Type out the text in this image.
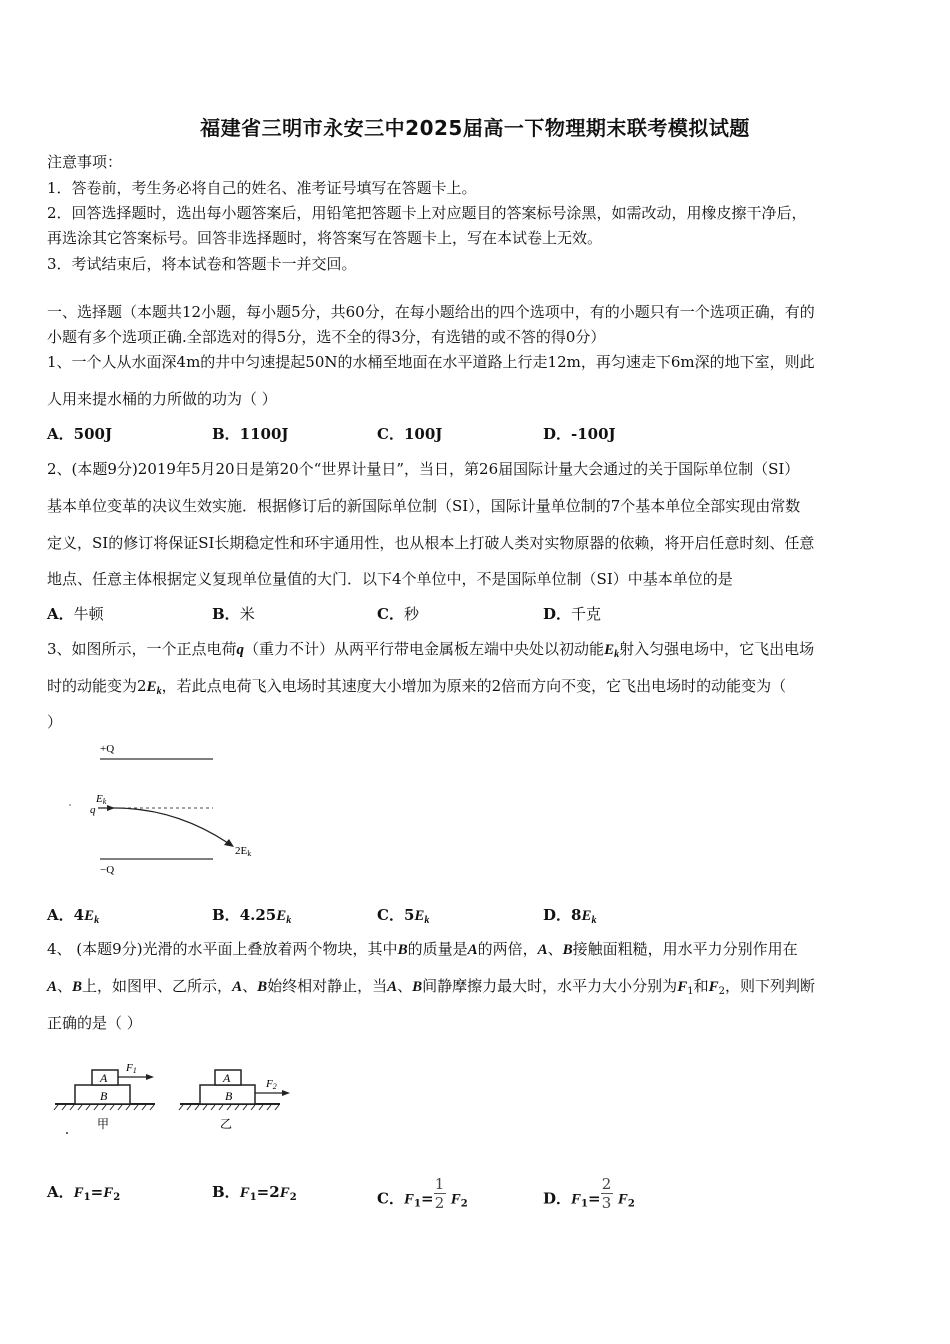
福建省三明市永安三中2025届高一下物理期末联考模拟试题
注意事项：
1．答卷前，考生务必将自己的姓名、准考证号填写在答题卡上。
2．回答选择题时，选出每小题答案后，用铅笔把答题卡上对应题目的答案标号涂黑，如需改动，用橡皮擦干净后，
再选涂其它答案标号。回答非选择题时，将答案写在答题卡上，写在本试卷上无效。
3．考试结束后，将本试卷和答题卡一并交回。
一、选择题（本题共12小题，每小题5分，共60分，在每小题给出的四个选项中，有的小题只有一个选项正确，有的
小题有多个选项正确.全部选对的得5分，选不全的得3分，有选错的或不答的得0分）
1、一个人从水面深4m的井中匀速提起50N的水桶至地面在水平道路上行走12m，再匀速走下6m深的地下室，则此
人用来提水桶的力所做的功为（ ）
A．500J	B．1100J	C．100J	D．-100J
2、(本题9分)2019年5月20日是第20个“世界计量日”，当日，第26届国际计量大会通过的关于国际单位制（SI）
基本单位变革的决议生效实施．根据修订后的新国际单位制（SI），国际计量单位制的7个基本单位全部实现由常数
定义，SI的修订将保证SI长期稳定性和环宇通用性，也从根本上打破人类对实物原器的依赖，将开启任意时刻、任意
地点、任意主体根据定义复现单位量值的大门．以下4个单位中，不是国际单位制（SI）中基本单位的是
A．牛顿	B．米	C．秒	D．千克
3、如图所示，一个正点电荷q（重力不计）从两平行带电金属板左端中央处以初动能$E_k$射入匀强电场中，它飞出电场
时的动能变为$2E_k$，若此点电荷飞入电场时其速度大小增加为原来的2倍而方向不变，它飞出电场时的动能变为（
）
+Q
Ek
q
2Ek
−Q
A．$4E_k$	B．$4.25E_k$	C．$5E_k$	D．$8E_k$
4、 (本题9分)光滑的水平面上叠放着两个物块，其中B的质量是A的两倍，A、B接触面粗糙，用水平力分别作用在
A、B上，如图甲、乙所示，A、B始终相对静止，当A、B间静摩擦力最大时，水平力大小分别为$F_1$和$F_2$，则下列判断
正确的是（ ）
B
A
F1
甲
B
A	F2
乙
A．$F_1=F_2$	B．$F_1=2F_2$	C．$F_1= \frac{1}{2} F_2$	D．$F_1= \frac{2}{3} F_2$
